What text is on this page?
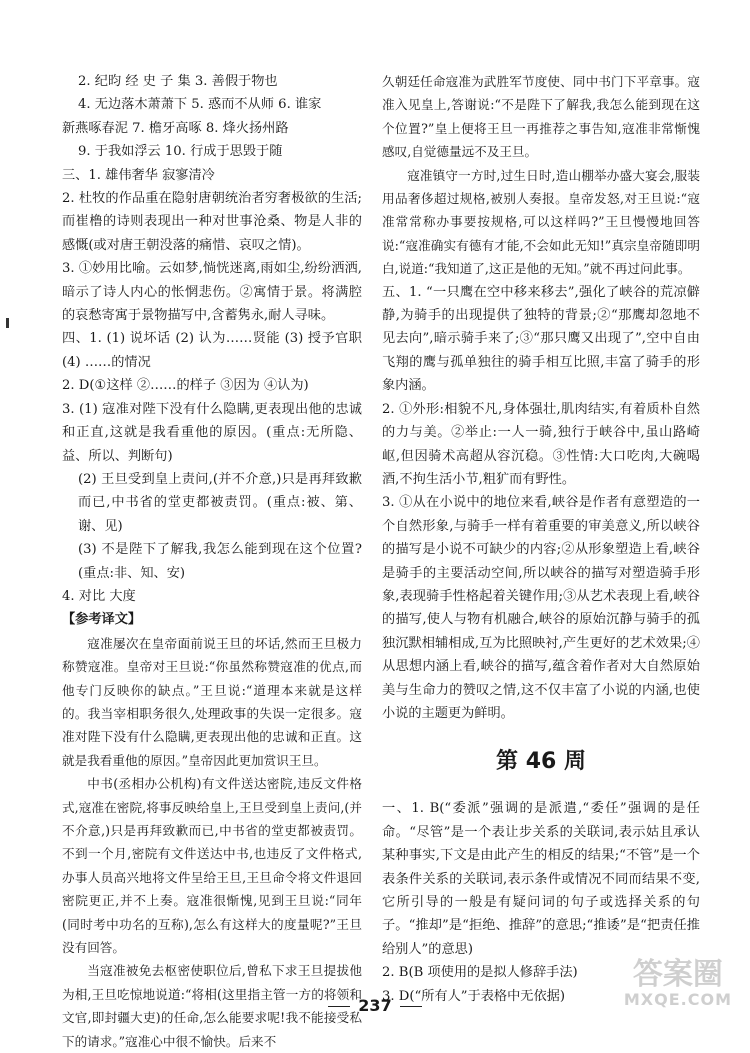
2. 纪昀 经 史 子 集 3. 善假于物也

4. 无边落木萧萧下 5. 惑而不从师 6. 谁家

新燕啄春泥 7. 檐牙高啄 8. 烽火扬州路

9. 于我如浮云 10. 行成于思毁于随

三、1. 雄伟奢华 寂寥清冷

2. 杜牧的作品重在隐射唐朝统治者穷奢极欲的生活;而崔橹的诗则表现出一种对世事沧桑、物是人非的感慨(或对唐王朝没落的痛惜、哀叹之情)。

3. ①妙用比喻。云如梦,惝恍迷离,雨如尘,纷纷洒洒,暗示了诗人内心的怅惘悲伤。②寓情于景。将满腔的哀愁寄寓于景物描写中,含蓄隽永,耐人寻味。

四、1. (1) 说坏话 (2) 认为……贤能 (3) 授予官职 (4) ……的情况

2. D(①这样 ②……的样子 ③因为 ④认为)

3. (1) 寇准对陛下没有什么隐瞒,更表现出他的忠诚和正直,这就是我看重他的原因。(重点:无所隐、益、所以、判断句)

(2) 王旦受到皇上责问,(并不介意,)只是再拜致歉而已,中书省的堂吏都被责罚。(重点:被、第、谢、见)

(3) 不是陛下了解我,我怎么能到现在这个位置?(重点:非、知、安)

4. 对比 大度

【参考译文】

寇准屡次在皇帝面前说王旦的坏话,然而王旦极力称赞寇准。皇帝对王旦说:“你虽然称赞寇准的优点,而他专门反映你的缺点。”王旦说:“道理本来就是这样的。我当宰相职务很久,处理政事的失误一定很多。寇准对陛下没有什么隐瞒,更表现出他的忠诚和正直。这就是我看重他的原因。”皇帝因此更加赏识王旦。

中书(丞相办公机构)有文件送达密院,违反文件格式,寇准在密院,将事反映给皇上,王旦受到皇上责问,(并不介意,)只是再拜致歉而已,中书省的堂吏都被责罚。不到一个月,密院有文件送达中书,也违反了文件格式,办事人员高兴地将文件呈给王旦,王旦命令将文件退回密院更正,并不上奏。寇准很惭愧,见到王旦说:“同年(同时考中功名的互称),怎么有这样大的度量呢?”王旦没有回答。

当寇准被免去枢密使职位后,曾私下求王旦提拔他为相,王旦吃惊地说道:“将相(这里指主管一方的将领和文官,即封疆大吏)的任命,怎么能要求呢!我不能接受私下的请求。”寇准心中很不愉快。后来不

久朝廷任命寇准为武胜军节度使、同中书门下平章事。寇准入见皇上,答谢说:“不是陛下了解我,我怎么能到现在这个位置?”皇上便将王旦一再推荐之事告知,寇准非常惭愧感叹,自觉德量远不及王旦。

寇准镇守一方时,过生日时,造山棚举办盛大宴会,服装用品奢侈超过规格,被别人奏报。皇帝发怒,对王旦说:“寇准常常称办事要按规格,可以这样吗?”王旦慢慢地回答说:“寇准确实有德有才能,不会如此无知!”真宗皇帝随即明白,说道:“我知道了,这正是他的无知。”就不再过问此事。

五、1. “一只鹰在空中移来移去”,强化了峡谷的荒凉僻静,为骑手的出现提供了独特的背景;②“那鹰却忽地不见去向”,暗示骑手来了;③“那只鹰又出现了”,空中自由飞翔的鹰与孤单独往的骑手相互比照,丰富了骑手的形象内涵。

2. ①外形:相貌不凡,身体强壮,肌肉结实,有着质朴自然的力与美。②举止:一人一骑,独行于峡谷中,虽山路崎岖,但因骑术高超从容沉稳。③性情:大口吃肉,大碗喝酒,不拘生活小节,粗犷而有野性。

3. ①从在小说中的地位来看,峡谷是作者有意塑造的一个自然形象,与骑手一样有着重要的审美意义,所以峡谷的描写是小说不可缺少的内容;②从形象塑造上看,峡谷是骑手的主要活动空间,所以峡谷的描写对塑造骑手形象,表现骑手性格起着关键作用;③从艺术表现上看,峡谷的描写,使人与物有机融合,峡谷的原始沉静与骑手的孤独沉默相辅相成,互为比照映衬,产生更好的艺术效果;④从思想内涵上看,峡谷的描写,蕴含着作者对大自然原始美与生命力的赞叹之情,这不仅丰富了小说的内涵,也使小说的主题更为鲜明。

第 46 周

一、1. B(“委派”强调的是派遣,“委任”强调的是任命。“尽管”是一个表让步关系的关联词,表示姑且承认某种事实,下文是由此产生的相反的结果;“不管”是一个表条件关系的关联词,表示条件或情况不同而结果不变,它所引导的一般是有疑问词的句子或选择关系的句子。“推却”是“拒绝、推辞”的意思;“推诿”是“把责任推给别人”的意思)

2. B(B 项使用的是拟人修辞手法)

3. D(“所有人”于表格中无依据)

237
答案圈
MXQE.COM
